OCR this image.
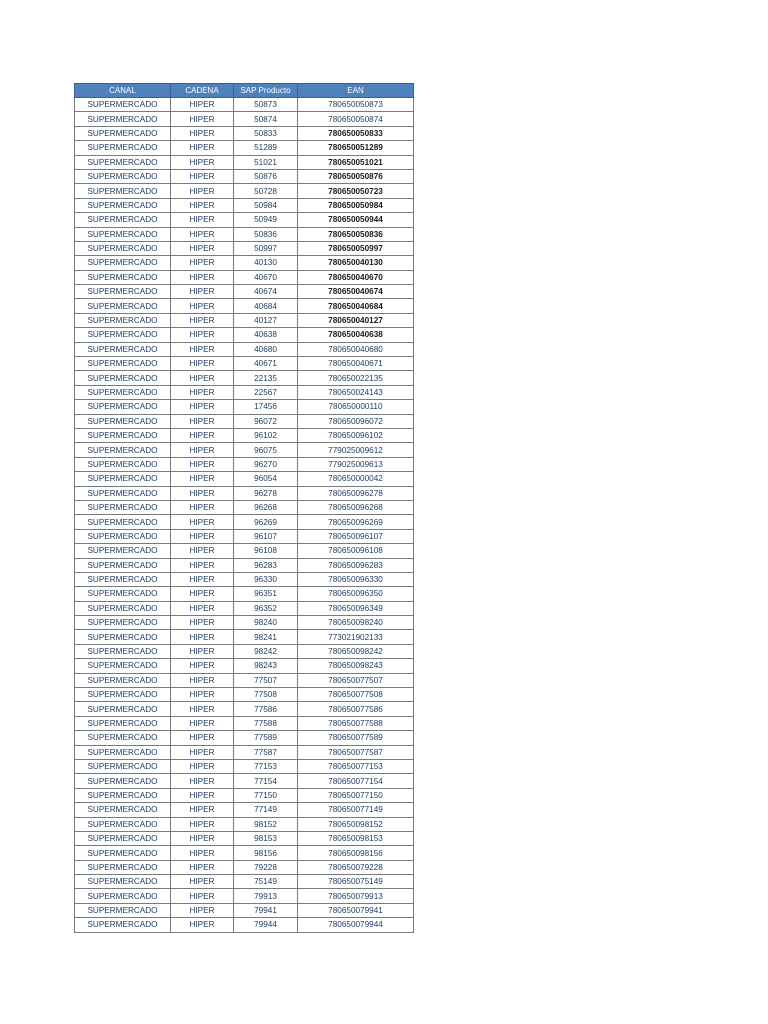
CANAL	CADENA	SAP Producto	EAN
SUPERMERCADO	HIPER	50873	780650050873
SUPERMERCADO	HIPER	50874	780650050874
SUPERMERCADO	HIPER	50833	780650050833
SUPERMERCADO	HIPER	51289	780650051289
SUPERMERCADO	HIPER	51021	780650051021
SUPERMERCADO	HIPER	50876	780650050876
SUPERMERCADO	HIPER	50728	780650050723
SUPERMERCADO	HIPER	50984	780650050984
SUPERMERCADO	HIPER	50949	780650050944
SUPERMERCADO	HIPER	50836	780650050836
SUPERMERCADO	HIPER	50997	780650050997
SUPERMERCADO	HIPER	40130	780650040130
SUPERMERCADO	HIPER	40670	780650040670
SUPERMERCADO	HIPER	40674	780650040674
SUPERMERCADO	HIPER	40684	780650040684
SUPERMERCADO	HIPER	40127	780650040127
SUPERMERCADO	HIPER	40638	780650040638
SUPERMERCADO	HIPER	40680	780650040680
SUPERMERCADO	HIPER	40671	780650040671
SUPERMERCADO	HIPER	22135	780650022135
SUPERMERCADO	HIPER	22567	780650024143
SUPERMERCADO	HIPER	17456	780650000110
SUPERMERCADO	HIPER	96072	780650096072
SUPERMERCADO	HIPER	96102	780650096102
SUPERMERCADO	HIPER	96075	779025009612
SUPERMERCADO	HIPER	96270	779025009613
SUPERMERCADO	HIPER	96054	780650000042
SUPERMERCADO	HIPER	96278	780650096278
SUPERMERCADO	HIPER	96268	780650096268
SUPERMERCADO	HIPER	96269	780650096269
SUPERMERCADO	HIPER	96107	780650096107
SUPERMERCADO	HIPER	96108	780650096108
SUPERMERCADO	HIPER	96283	780650096283
SUPERMERCADO	HIPER	96330	780650096330
SUPERMERCADO	HIPER	96351	780650096350
SUPERMERCADO	HIPER	96352	780650096349
SUPERMERCADO	HIPER	98240	780650098240
SUPERMERCADO	HIPER	98241	773021902133
SUPERMERCADO	HIPER	98242	780650098242
SUPERMERCADO	HIPER	98243	780650098243
SUPERMERCADO	HIPER	77507	780650077507
SUPERMERCADO	HIPER	77508	780650077508
SUPERMERCADO	HIPER	77586	780650077586
SUPERMERCADO	HIPER	77588	780650077588
SUPERMERCADO	HIPER	77589	780650077589
SUPERMERCADO	HIPER	77587	780650077587
SUPERMERCADO	HIPER	77153	780650077153
SUPERMERCADO	HIPER	77154	780650077154
SUPERMERCADO	HIPER	77150	780650077150
SUPERMERCADO	HIPER	77149	780650077149
SUPERMERCADO	HIPER	98152	780650098152
SUPERMERCADO	HIPER	98153	780650098153
SUPERMERCADO	HIPER	98156	780650098156
SUPERMERCADO	HIPER	79228	780650079228
SUPERMERCADO	HIPER	75149	780650075149
SUPERMERCADO	HIPER	79913	780650079913
SUPERMERCADO	HIPER	79941	780650079941
SUPERMERCADO	HIPER	79944	780650079944
